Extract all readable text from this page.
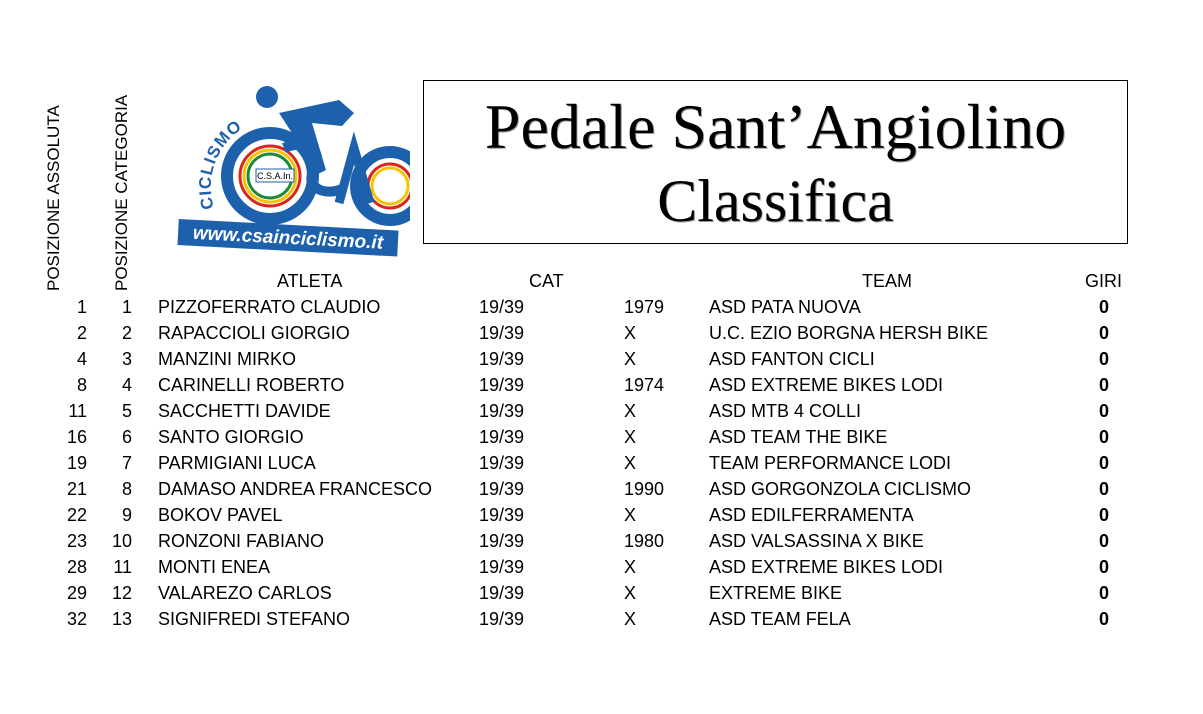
POSIZIONE ASSOLUTA	POSIZIONE CATEGORIA	C.S.A.In.
CICLISMO
www.csainciclismo.it
Pedale Sant’Angiolino
Classifica
ATLETA	CAT	TEAM	GIRI
1	1 PIZZOFERRATO CLAUDIO	19/39	1979 ASD PATA NUOVA	0
2	2 RAPACCIOLI GIORGIO	19/39	X	U.C. EZIO BORGNA HERSH BIKE	0
4	3 MANZINI MIRKO	19/39	X	ASD FANTON CICLI	0
8	4 CARINELLI ROBERTO	19/39	1974 ASD EXTREME BIKES LODI	0
11	5 SACCHETTI DAVIDE	19/39	X	ASD MTB 4 COLLI	0
16	6 SANTO GIORGIO	19/39	X	ASD TEAM THE BIKE	0
19	7 PARMIGIANI LUCA	19/39	X	TEAM PERFORMANCE LODI	0
21	8 DAMASO ANDREA FRANCESCO	19/39	1990 ASD GORGONZOLA CICLISMO	0
22	9 BOKOV PAVEL	19/39	X	ASD EDILFERRAMENTA	0
23	10 RONZONI FABIANO	19/39	1980 ASD VALSASSINA X BIKE	0
28	11 MONTI ENEA	19/39	X	ASD EXTREME BIKES LODI	0
29	12 VALAREZO CARLOS	19/39	X	EXTREME BIKE	0
32	13 SIGNIFREDI STEFANO	19/39	X	ASD TEAM FELA	0
